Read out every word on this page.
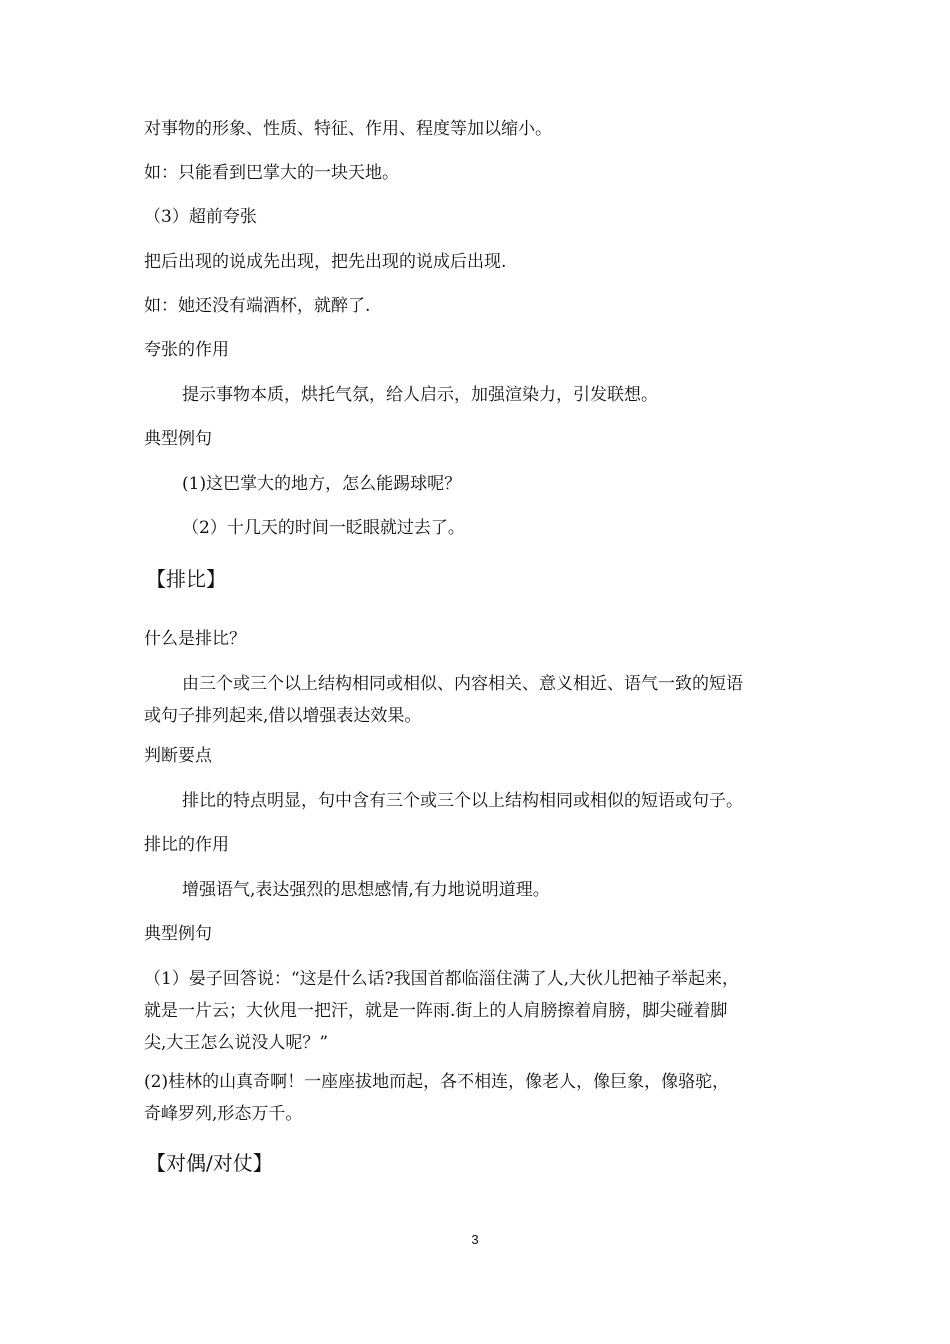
对事物的形象、性质、特征、作用、程度等加以缩小。
如：只能看到巴掌大的一块天地。
（3）超前夸张
把后出现的说成先出现，把先出现的说成后出现.
如：她还没有端酒杯，就醉了.
夸张的作用
提示事物本质，烘托气氛，给人启示，加强渲染力，引发联想。
典型例句
(1)这巴掌大的地方，怎么能踢球呢？
（2）十几天的时间一眨眼就过去了。
【排比】
什么是排比？
由三个或三个以上结构相同或相似、内容相关、意义相近、语气一致的短语
或句子排列起来,借以增强表达效果。
判断要点
排比的特点明显，句中含有三个或三个以上结构相同或相似的短语或句子。
排比的作用
增强语气,表达强烈的思想感情,有力地说明道理。
典型例句
（1）晏子回答说：“这是什么话?我国首都临淄住满了人,大伙儿把袖子举起来，
就是一片云；大伙甩一把汗，就是一阵雨.街上的人肩膀擦着肩膀，脚尖碰着脚
尖,大王怎么说没人呢？”
(2)桂林的山真奇啊！一座座拔地而起，各不相连，像老人，像巨象，像骆驼，
奇峰罗列,形态万千。
【对偶/对仗】
3
